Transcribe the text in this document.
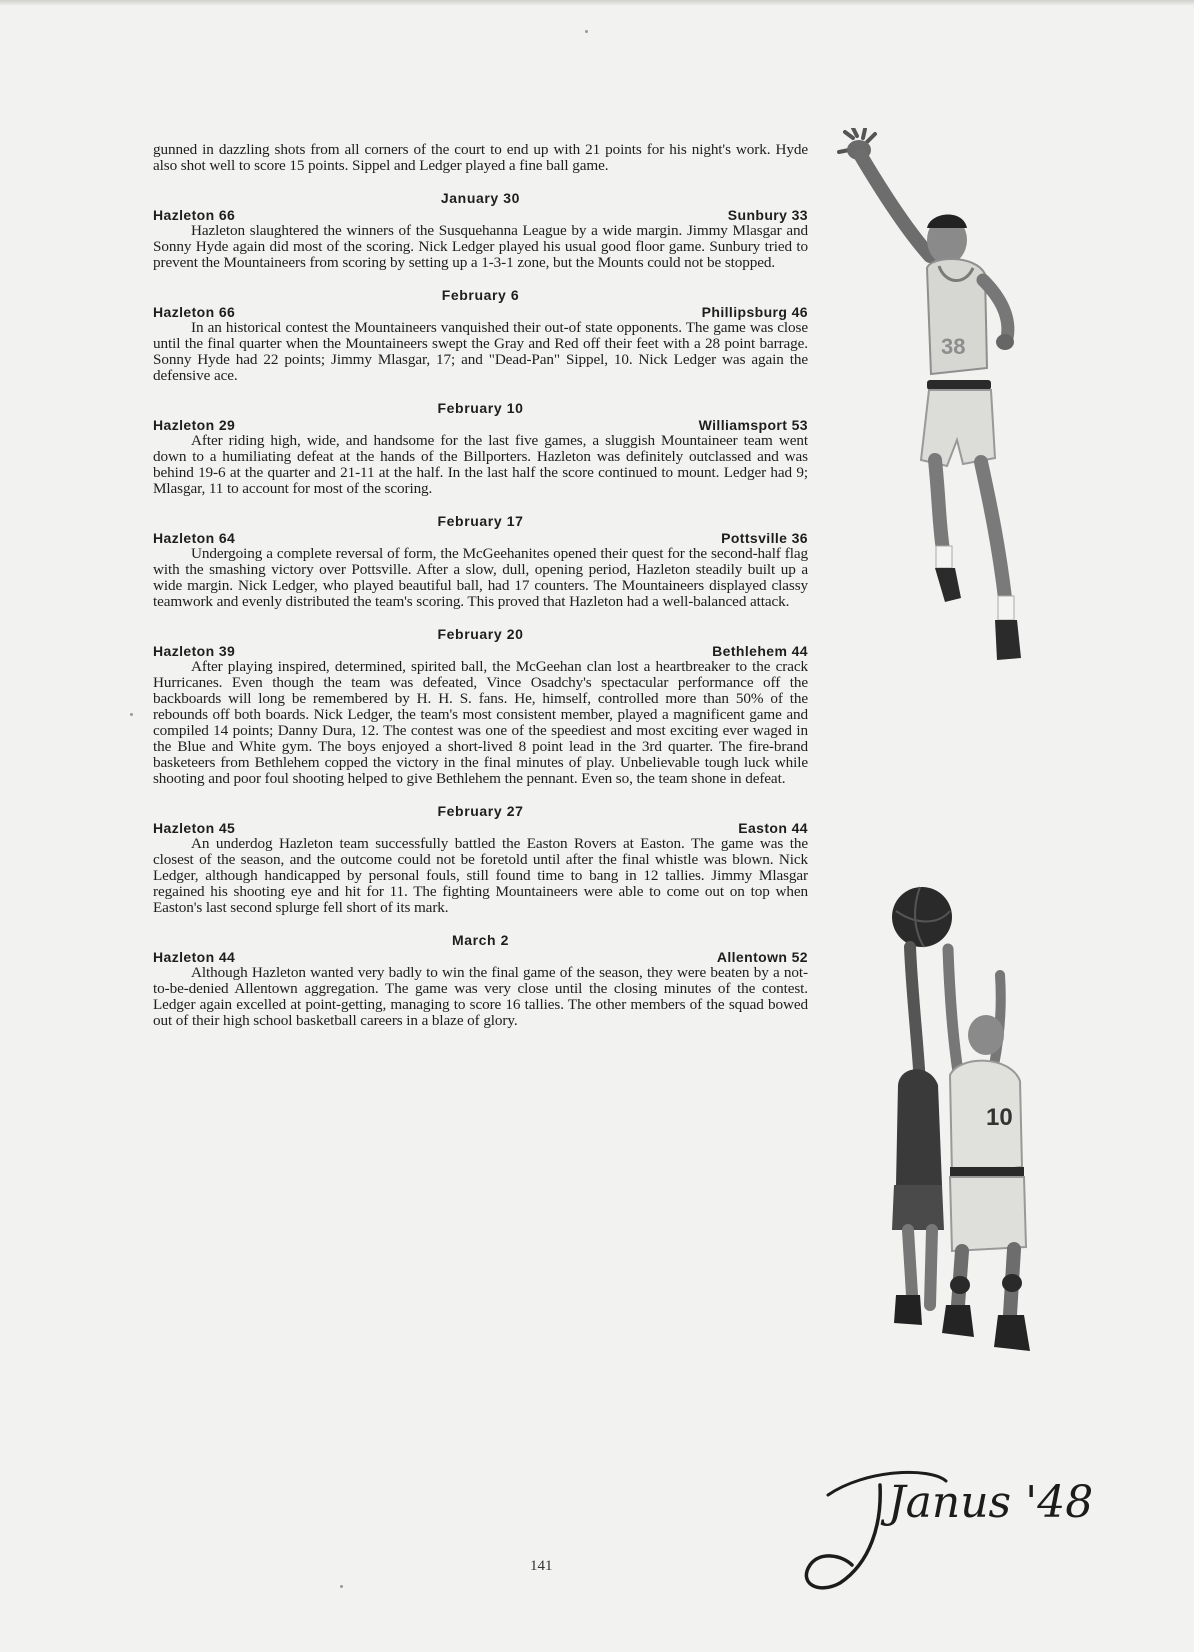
gunned in dazzling shots from all corners of the court to end up with 21 points for his night's work. Hyde also shot well to score 15 points. Sippel and Ledger played a fine ball game.

January 30
Hazleton 66	Sunbury 33

Hazleton slaughtered the winners of the Susquehanna League by a wide margin. Jimmy Mlasgar and Sonny Hyde again did most of the scoring. Nick Ledger played his usual good floor game. Sunbury tried to prevent the Mountaineers from scoring by setting up a 1-3-1 zone, but the Mounts could not be stopped.

February 6
Hazleton 66	Phillipsburg 46

In an historical contest the Mountaineers vanquished their out-of state opponents. The game was close until the final quarter when the Mountaineers swept the Gray and Red off their feet with a 28 point barrage. Sonny Hyde had 22 points; Jimmy Mlasgar, 17; and "Dead-Pan" Sippel, 10. Nick Ledger was again the defensive ace.

February 10
Hazleton 29	Williamsport 53

After riding high, wide, and handsome for the last five games, a sluggish Mountaineer team went down to a humiliating defeat at the hands of the Billporters. Hazleton was definitely outclassed and was behind 19-6 at the quarter and 21-11 at the half. In the last half the score continued to mount. Ledger had 9; Mlasgar, 11 to account for most of the scoring.

February 17
Hazleton 64	Pottsville 36

Undergoing a complete reversal of form, the McGeehanites opened their quest for the second-half flag with the smashing victory over Pottsville. After a slow, dull, opening period, Hazleton steadily built up a wide margin. Nick Ledger, who played beautiful ball, had 17 counters. The Mountaineers displayed classy teamwork and evenly distributed the team's scoring. This proved that Hazleton had a well-balanced attack.

February 20
Hazleton 39	Bethlehem 44

After playing inspired, determined, spirited ball, the McGeehan clan lost a heartbreaker to the crack Hurricanes. Even though the team was defeated, Vince Osadchy's spectacular performance off the backboards will long be remembered by H. H. S. fans. He, himself, controlled more than 50% of the rebounds off both boards. Nick Ledger, the team's most consistent member, played a magnificent game and compiled 14 points; Danny Dura, 12. The contest was one of the speediest and most exciting ever waged in the Blue and White gym. The boys enjoyed a short-lived 8 point lead in the 3rd quarter. The fire-brand basketeers from Bethlehem copped the victory in the final minutes of play. Unbelievable tough luck while shooting and poor foul shooting helped to give Bethlehem the pennant. Even so, the team shone in defeat.

February 27
Hazleton 45	Easton 44

An underdog Hazleton team successfully battled the Easton Rovers at Easton. The game was the closest of the season, and the outcome could not be foretold until after the final whistle was blown. Nick Ledger, although handicapped by personal fouls, still found time to bang in 12 tallies. Jimmy Mlasgar regained his shooting eye and hit for 11. The fighting Mountaineers were able to come out on top when Easton's last second splurge fell short of its mark.

March 2
Hazleton 44	Allentown 52

Although Hazleton wanted very badly to win the final game of the season, they were beaten by a not-to-be-denied Allentown aggregation. The game was very close until the closing minutes of the contest. Ledger again excelled at point-getting, managing to score 16 tallies. The other members of the squad bowed out of their high school basketball careers in a blaze of glory.

38
10
Janus '48
141
